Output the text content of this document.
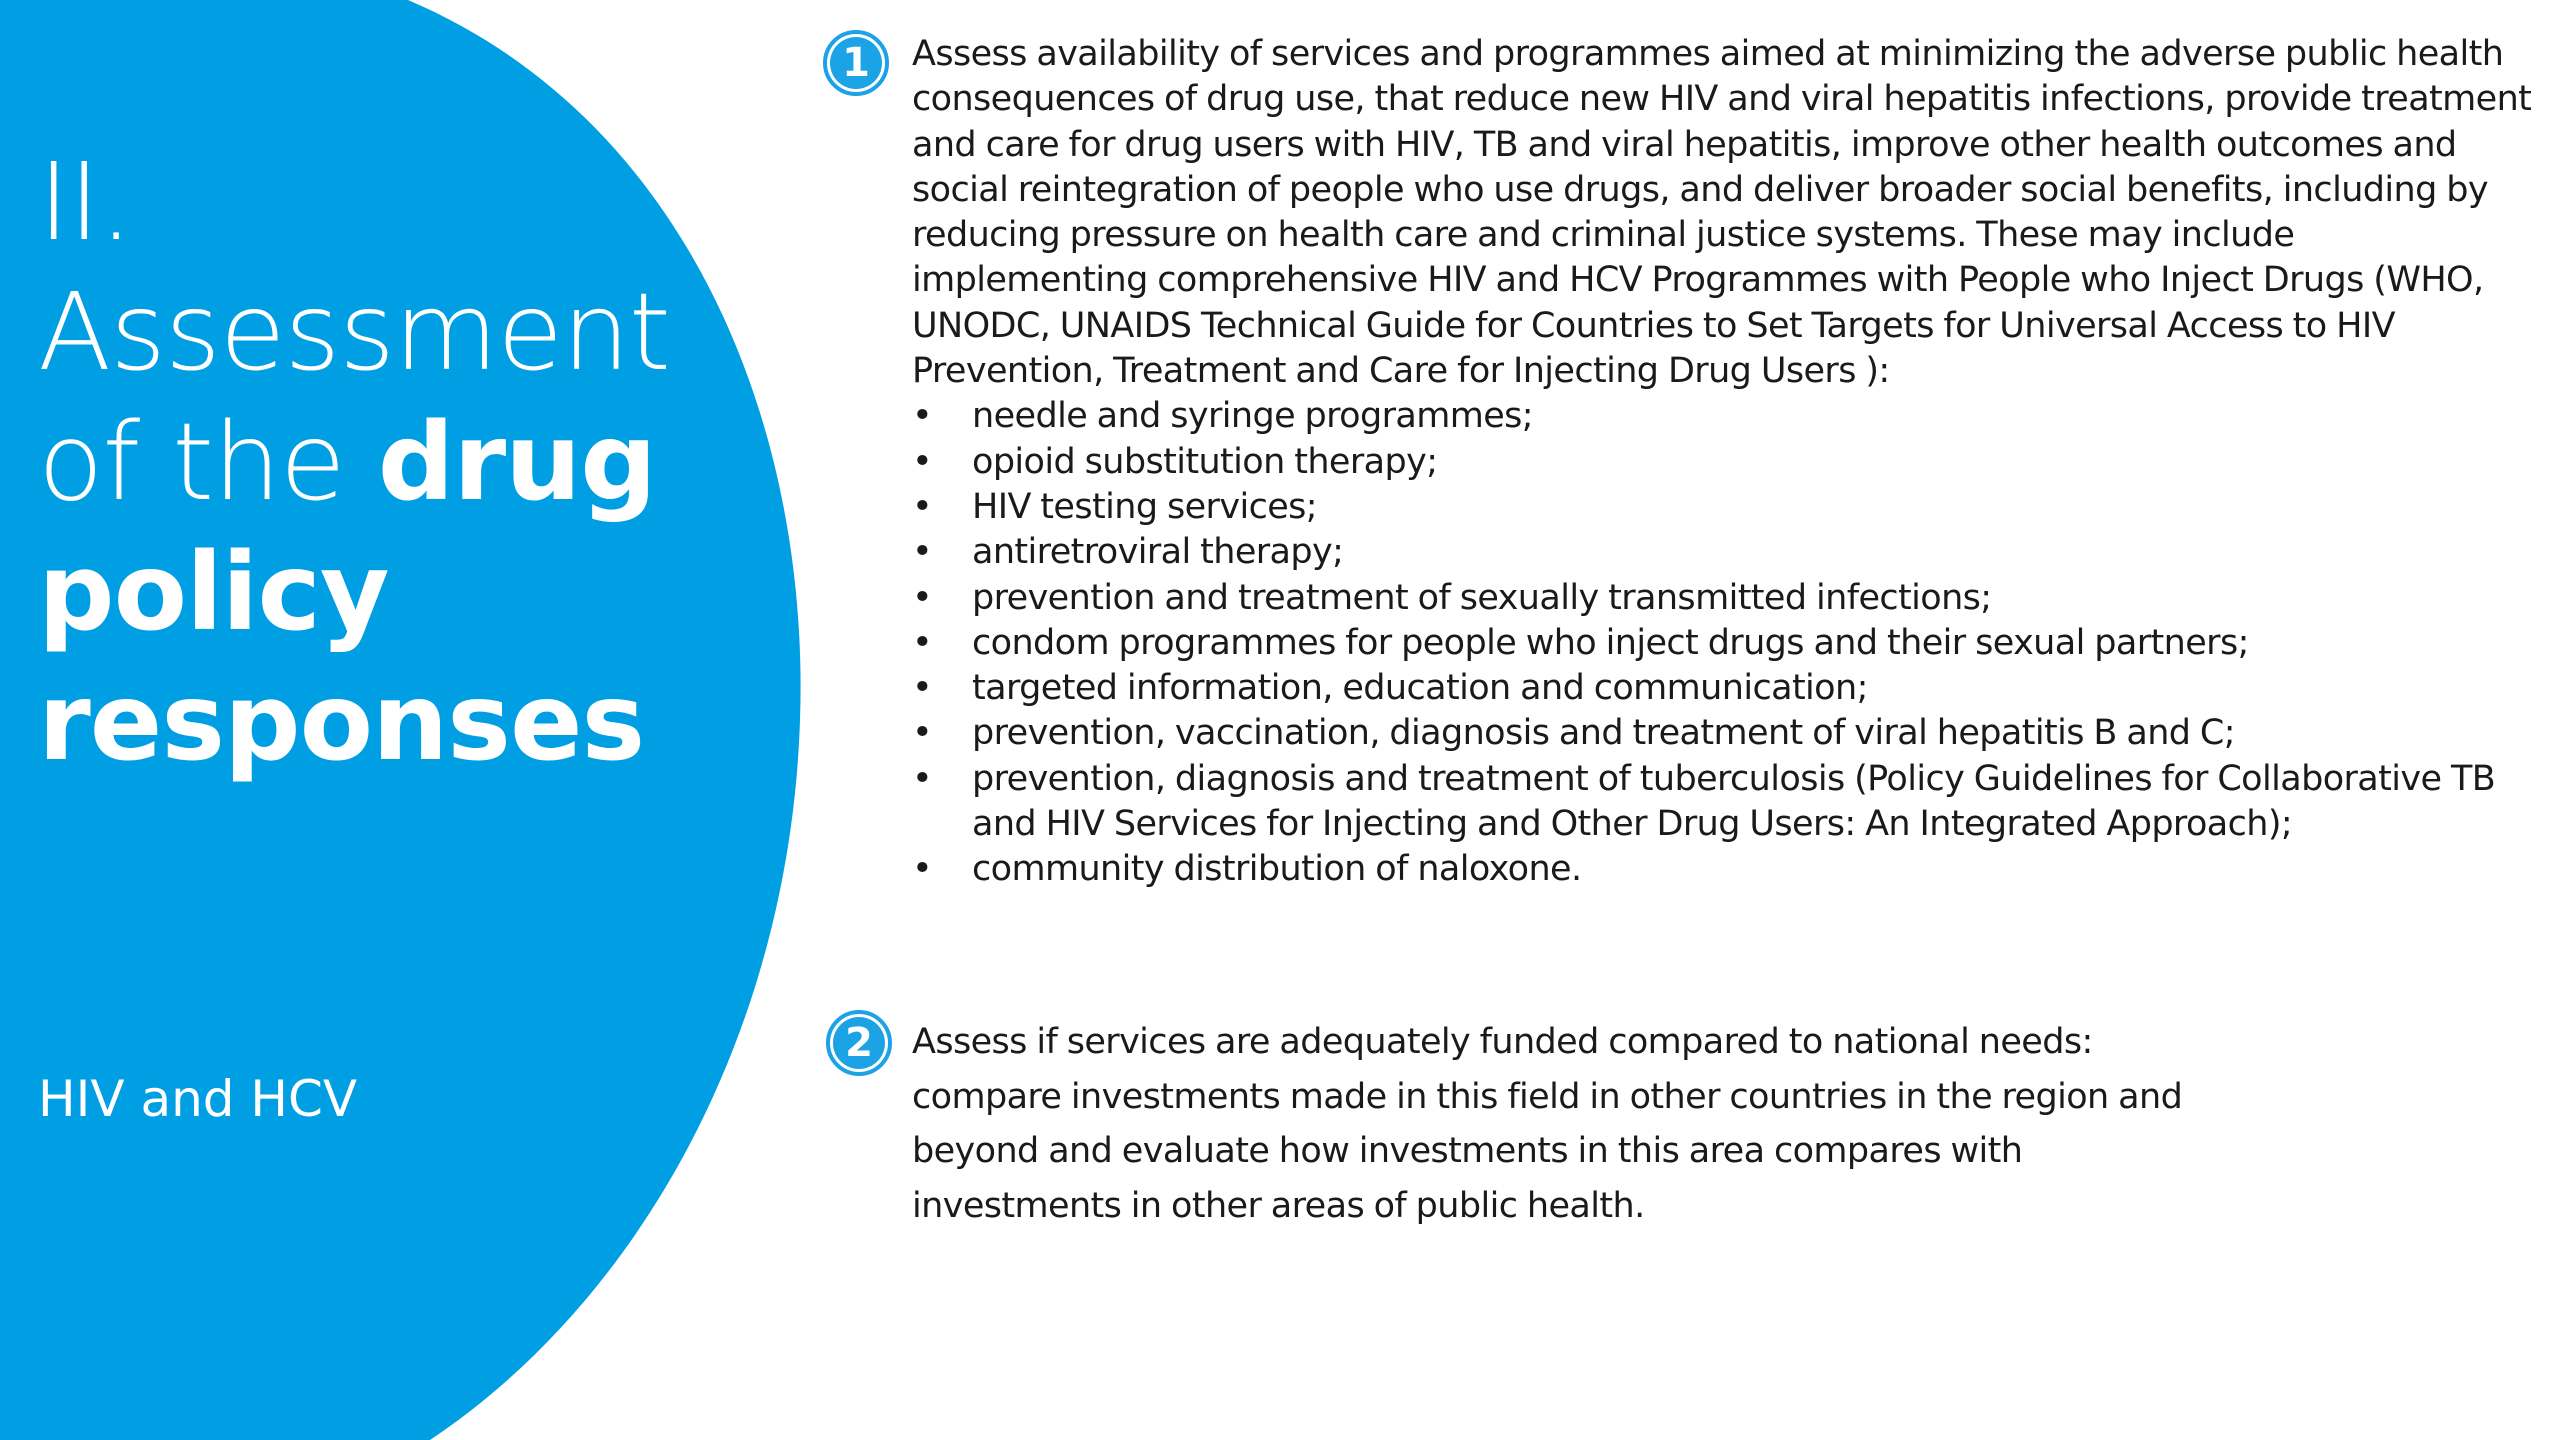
II.
Assessment
of the drug
policy
responses
HIV and HCV
1	Assess availability of services and programmes aimed at minimizing the adverse public health consequences of drug use, that reduce new HIV and viral hepatitis infections, provide treatment and care for drug users with HIV, TB and viral hepatitis, improve other health outcomes and social reintegration of people who use drugs, and deliver broader social benefits, including by reducing pressure on health care and criminal justice systems. These may include implementing comprehensive HIV and HCV Programmes with People who Inject Drugs (WHO, UNODC, UNAIDS Technical Guide for Countries to Set Targets for Universal Access to HIV Prevention, Treatment and Care for Injecting Drug Users ):

• needle and syringe programmes;
• opioid substitution therapy;
• HIV testing services;
• antiretroviral therapy;
• prevention and treatment of sexually transmitted infections;
• condom programmes for people who inject drugs and their sexual partners;
• targeted information, education and communication;
• prevention, vaccination, diagnosis and treatment of viral hepatitis B and C;
• prevention, diagnosis and treatment of tuberculosis (Policy Guidelines for Collaborative TB and HIV Services for Injecting and Other Drug Users: An Integrated Approach);
• community distribution of naloxone.
2	Assess if services are adequately funded compared to national needs: compare investments made in this field in other countries in the region and beyond and evaluate how investments in this area compares with investments in other areas of public health.
